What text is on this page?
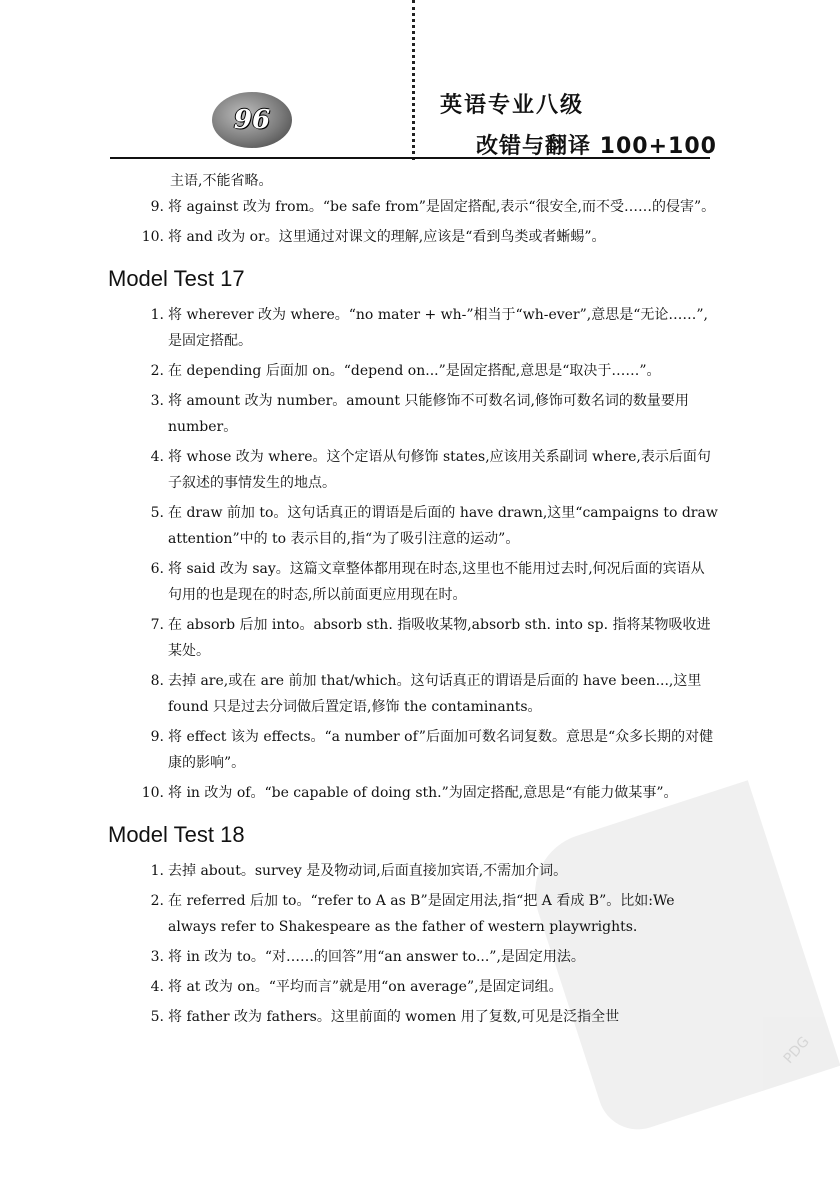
96	英语专业八级
改错与翻译 100+100
PDG
主语,不能省略。
9. 将 against 改为 from。“be safe from”是固定搭配,表示“很安全,而不受……的侵害”。
10. 将 and 改为 or。这里通过对课文的理解,应该是“看到鸟类或者蜥蜴”。
Model Test 17
1. 将 wherever 改为 where。“no mater + wh-”相当于“wh-ever”,意思是“无论……”,是固定搭配。
2. 在 depending 后面加 on。“depend on...”是固定搭配,意思是“取决于……”。
3. 将 amount 改为 number。amount 只能修饰不可数名词,修饰可数名词的数量要用 number。
4. 将 whose 改为 where。这个定语从句修饰 states,应该用关系副词 where,表示后面句子叙述的事情发生的地点。
5. 在 draw 前加 to。这句话真正的谓语是后面的 have drawn,这里“campaigns to draw attention”中的 to 表示目的,指“为了吸引注意的运动”。
6. 将 said 改为 say。这篇文章整体都用现在时态,这里也不能用过去时,何况后面的宾语从句用的也是现在的时态,所以前面更应用现在时。
7. 在 absorb 后加 into。absorb sth. 指吸收某物,absorb sth. into sp. 指将某物吸收进某处。
8. 去掉 are,或在 are 前加 that/which。这句话真正的谓语是后面的 have been...,这里 found 只是过去分词做后置定语,修饰 the contaminants。
9. 将 effect 该为 effects。“a number of”后面加可数名词复数。意思是“众多长期的对健康的影响”。
10. 将 in 改为 of。“be capable of doing sth.”为固定搭配,意思是“有能力做某事”。
Model Test 18
1. 去掉 about。survey 是及物动词,后面直接加宾语,不需加介词。
2. 在 referred 后加 to。“refer to A as B”是固定用法,指“把 A 看成 B”。比如:We always refer to Shakespeare as the father of western playwrights.
3. 将 in 改为 to。“对……的回答”用“an answer to...”,是固定用法。
4. 将 at 改为 on。“平均而言”就是用“on average”,是固定词组。
5. 将 father 改为 fathers。这里前面的 women 用了复数,可见是泛指全世
